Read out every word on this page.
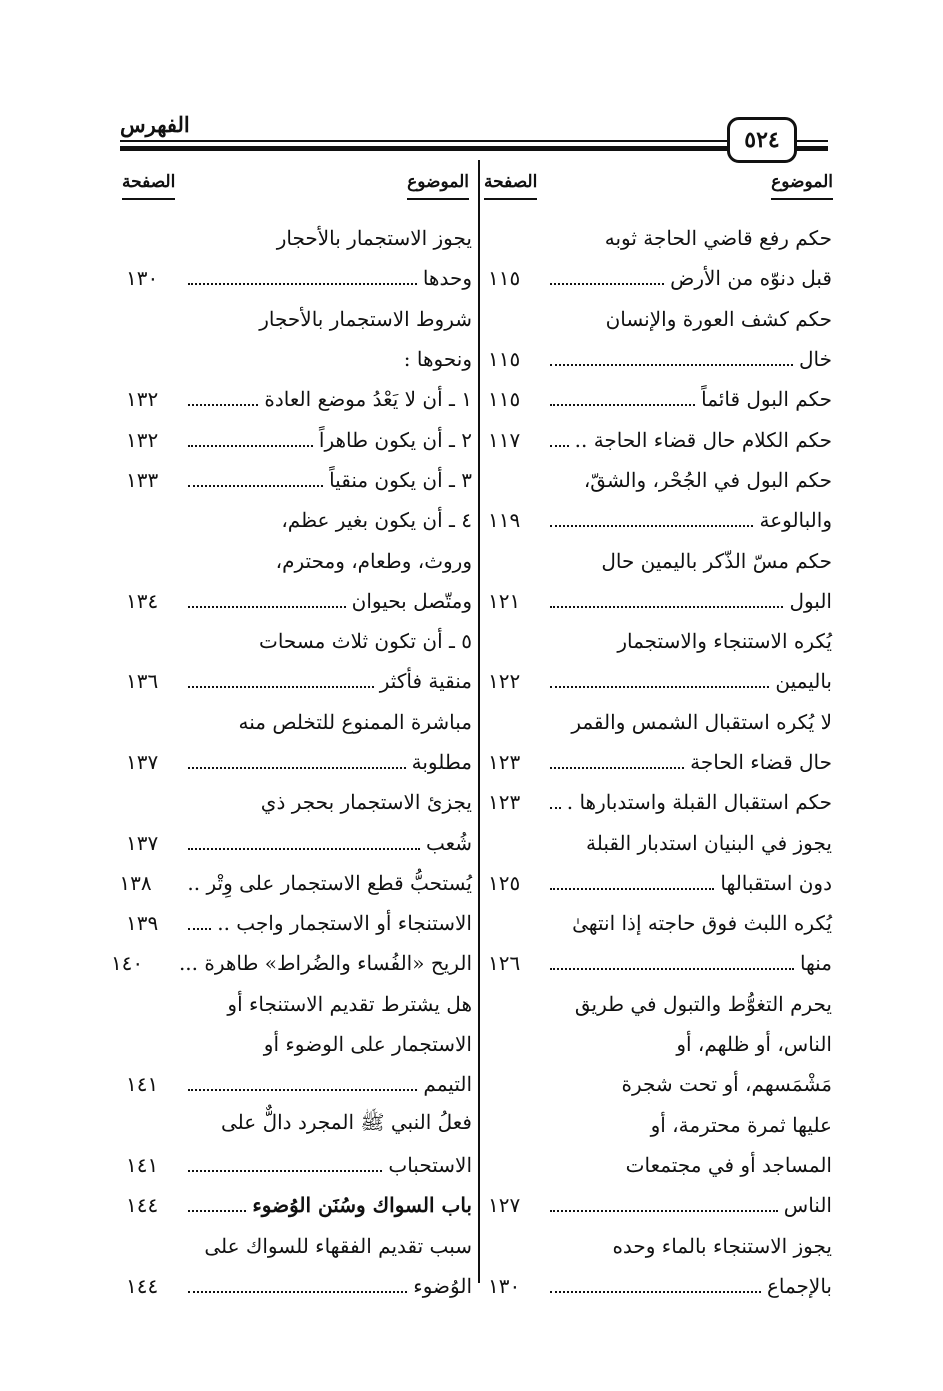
الفهرس
٥٢٤
الموضوع
الصفحة
الموضوع
الصفحة
حكم رفع قاضي الحاجة ثوبه
قبل دنوّه من الأرض
١١٥
حكم كشف العورة والإنسان
خال
١١٥
حكم البول قائماً
١١٥
حكم الكلام حال قضاء الحاجة ..
١١٧
حكم البول في الجُحْر، والشقّ،
والبالوعة
١١٩
حكم مسّ الذّكر باليمين حال
البول
١٢١
يُكره الاستنجاء والاستجمار
باليمين
١٢٢
لا يُكره استقبال الشمس والقمر
حال قضاء الحاجة
١٢٣
حكم استقبال القبلة واستدبارها .
١٢٣
يجوز في البنيان استدبار القبلة
دون استقبالها
١٢٥
يُكره اللبث فوق حاجته إذا انتهىٰ
منها
١٢٦
يحرم التغوُّط والتبول في طريق
الناس، أو ظلهم، أو
مَشْمَسهم، أو تحت شجرة
عليها ثمرة محترمة، أو
المساجد أو في مجتمعات
الناس
١٢٧
يجوز الاستنجاء بالماء وحده
بالإجماع
١٣٠
يجوز الاستجمار بالأحجار
وحدها
١٣٠
شروط الاستجمار بالأحجار
ونحوها :
١ ـ أن لا يَعْدُ موضع العادة
١٣٢
٢ ـ أن يكون طاهراً
١٣٢
٣ ـ أن يكون منقياً
١٣٣
٤ ـ أن يكون بغير عظم،
وروث، وطعام، ومحترم،
ومتّصل بحيوان
١٣٤
٥ ـ أن تكون ثلاث مسحات
منقية فأكثر
١٣٦
مباشرة الممنوع للتخلص منه
مطلوبة
١٣٧
يجزئ الاستجمار بحجر ذي
شُعب
١٣٧
يُستحبُّ قطع الاستجمار على وِتْر ..
١٣٨
الاستنجاء أو الاستجمار واجب ..
١٣٩
الريح «الفُساء والضُراط» طاهرة ...
١٤٠
هل يشترط تقديم الاستنجاء أو
الاستجمار على الوضوء أو
التيمم
١٤١
فعلُ النبي ﷺ المجرد دالٌّ على
الاستحباب
١٤١
باب السواك وسُنَن الوُضوء
١٤٤
سبب تقديم الفقهاء للسواك على
الوُضوء
١٤٤
